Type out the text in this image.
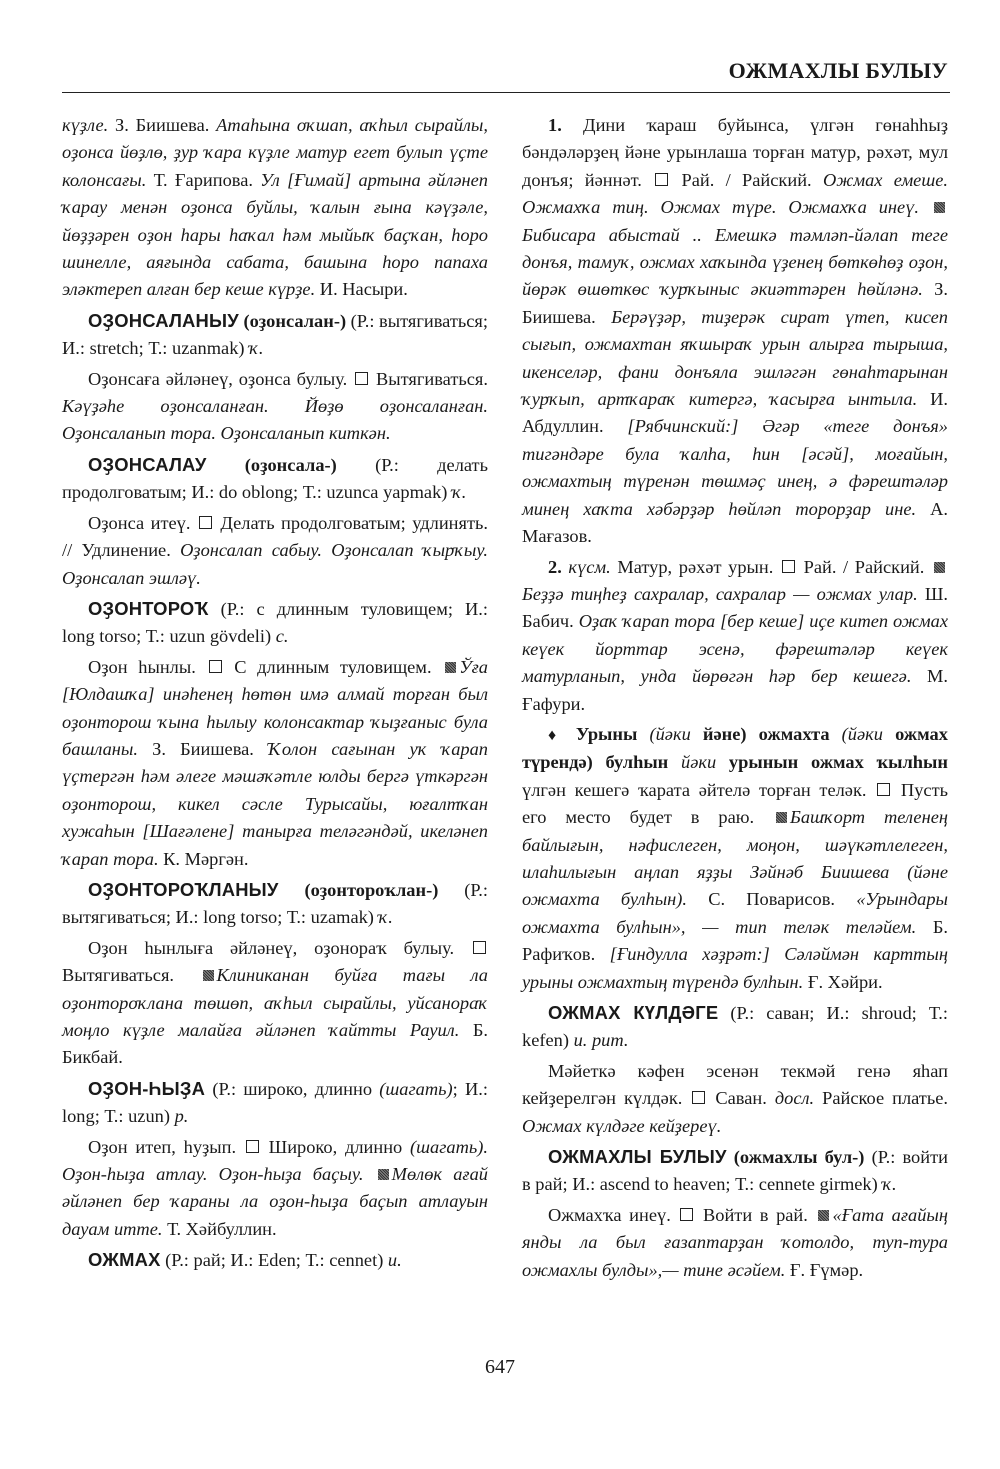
ОЖМАХЛЫ БУЛЫУ

күҙле. З. Биишева. Атаһына оҡшап, аҡһыл сырайлы, оҙонса йөҙлө, ҙур ҡара күҙле матур егет булып үҫте колонсағы. Т. Ғарипова. Ул [Ғимай] артына әйләнеп ҡарау менән оҙонса буйлы, ҡалын ғына кәүҙәле, йөҙҙәрен оҙон һары һаҡал һәм мыйыҡ баҫҡан, һоро шинелле, аяғында сабата, башына һоро папаха эләктереп алған бер кеше күрҙе. И. Насыри.

ОҘОНСАЛАНЫУ (оҙонсалан-) (Р.: вытягиваться; И.: stretch; Т.: uzanmak) ҡ.

Оҙонсаға әйләнеү, оҙонса булыу.  Вытягиваться. Кәүҙәһе оҙонсаланған. Йөҙө оҙонсаланған. Оҙонсаланып тора. Оҙонсаланып киткән.

ОҘОНСАЛАУ (оҙонсала-) (Р.: делать продолговатым; И.: do oblong; Т.: uzunca yapmak) ҡ.

Оҙонса итеү.  Делать продолговатым; удлинять. // Удлинение. Оҙонсалап сабыу. Оҙонсалап ҡырҡыу. Оҙонсалап эшләү.

ОҘОНТОРОҠ (Р.: с длинным туловищем; И.: long torso; Т.: uzun gövdeli) с.

Оҙон һынлы.  С длинным туловищем. Ўға [Юлдашҡа] инәһенең һөтөн имә алмай торған был оҙонторош ҡына һылыу колонсактар ҡыҙғаныс була башланы. З. Биишева. Ҡолон сағынан уҡ ҡарап үҫтергән һәм әлеге мәшәҡәтле юлды бергә үткәргән оҙонторош, кикел сәсле Турысайы, юғалтҡан хужаһын [Шағәлене] танырға теләгәндәй, икеләнеп ҡарап тора. К. Мәргән.

ОҘОНТОРОҠЛАНЫУ (оҙонтороҡлан-) (Р.: вытягиваться; И.: long torso; Т.: uzamak) ҡ.

Оҙон һынлыға әйләнеү, оҙонораҡ булыу.  Вытягиваться. Клиниканан буйға тағы ла оҙонтороҡлана төшөп, аҡһыл сырайлы, уйсанораҡ моңло күҙле малайға әйләнеп ҡайтты Рауил. Б. Бикбай.

ОҘОН-ҺЫҘА (Р.: широко, длинно (шагать); И.: long; Т.: uzun) р.

Оҙон итеп, һуҙып.  Широко, длинно (шагать). Оҙон-һыҙа атлау. Оҙон-һыҙа баҫыу. Мөлөк ағай әйләнеп бер ҡараны ла оҙон-һыҙа баҫып атлауын дауам итте. Т. Хәйбуллин.

ОЖМАХ (Р.: рай; И.: Eden; Т.: cennet) и.

1. Дини ҡараш буйынса, үлгән гөнаһһыҙ бәндәләрҙең йәне урынлаша торған матур, рәхәт, мул донъя; йәннәт.  Рай. / Райский. Ожмах емеше. Ожмахҡа тиң. Ожмах түре. Ожмахҡа инеү. Бибисара абыстай .. Емешкә тәмләп-йәлап теге донъя, тамуҡ, ожмах хаҡында үҙенең бөткөһөҙ оҙон, йөрәк өшөткөс ҡурҡыныс әкиәттәрен һөйләнә. З. Биишева. Берәүҙәр, тиҙерәк сират үтеп, кисеп сығып, ожмахтан яҡшыраҡ урын алырға тырыша, икенселәр, фани донъяла эшләгән гөнаһтарынан ҡурҡып, артҡараҡ китергә, ҡасырға ынтыла. И. Абдуллин. [Рябчинский:] Әгәр «теге донъя» тигәндәре була ҡалһа, һин [әсәй], моғайын, ожмахтың түренән төшмәҫ инең, ә фәрештәләр минең хаҡта хәбәрҙәр һөйләп торорҙар ине. А. Мағазов.

2. күсм. Матур, рәхәт урын.  Рай. / Райский. Беҙҙә тиңһеҙ сахралар, сахралар — ожмах улар. Ш. Бабич. Оҙаҡ ҡарап тора [бер кеше] иҫе китеп ожмах кеүек йорттар эсенә, фәрештәләр кеүек матурланып, унда йөрөгән һәр бер кешегә. М. Ғафури.

♦ Урыны (йәки йәне) ожмахта (йәки ожмах түрендә) булһын йәки урынын ожмах ҡылһын үлгән кешегә ҡарата әйтелә торған теләк.  Пусть его место будет в раю. Башҡорт теленең байлығын, нәфислеген, моңон, шәүкәтлелеген, илаһилығын аңлап яҙҙы Зәйнәб Биишева (йәне ожмахта булһын). С. Поварисов. «Урындары ожмахта булһын», — тип теләк теләйем. Б. Рафиҡов. [Ғиндулла хәҙрәт:] Сәләймән карттың урыны ожмахтың түрендә булһын. Ғ. Хәйри.

ОЖМАХ КҮЛДӘГЕ (Р.: саван; И.: shroud; Т.: kefen) и. рит.

Мәйеткә кәфен эсенән текмәй генә яһап кейҙерелгән күлдәк.  Саван. досл. Райское платье. Ожмах күлдәге кейҙереү.

ОЖМАХЛЫ БУЛЫУ (ожмахлы бул-) (Р.: войти в рай; И.: ascend to heaven; Т.: cennete girmek) ҡ.

Ожмахҡа инеү.  Войти в рай. «Ғата ағайың янды ла был ғазаптарҙан ҡотолдо, туп-тура ожмахлы булды»,— тине әсәйем. Ғ. Ғүмәр.

647
